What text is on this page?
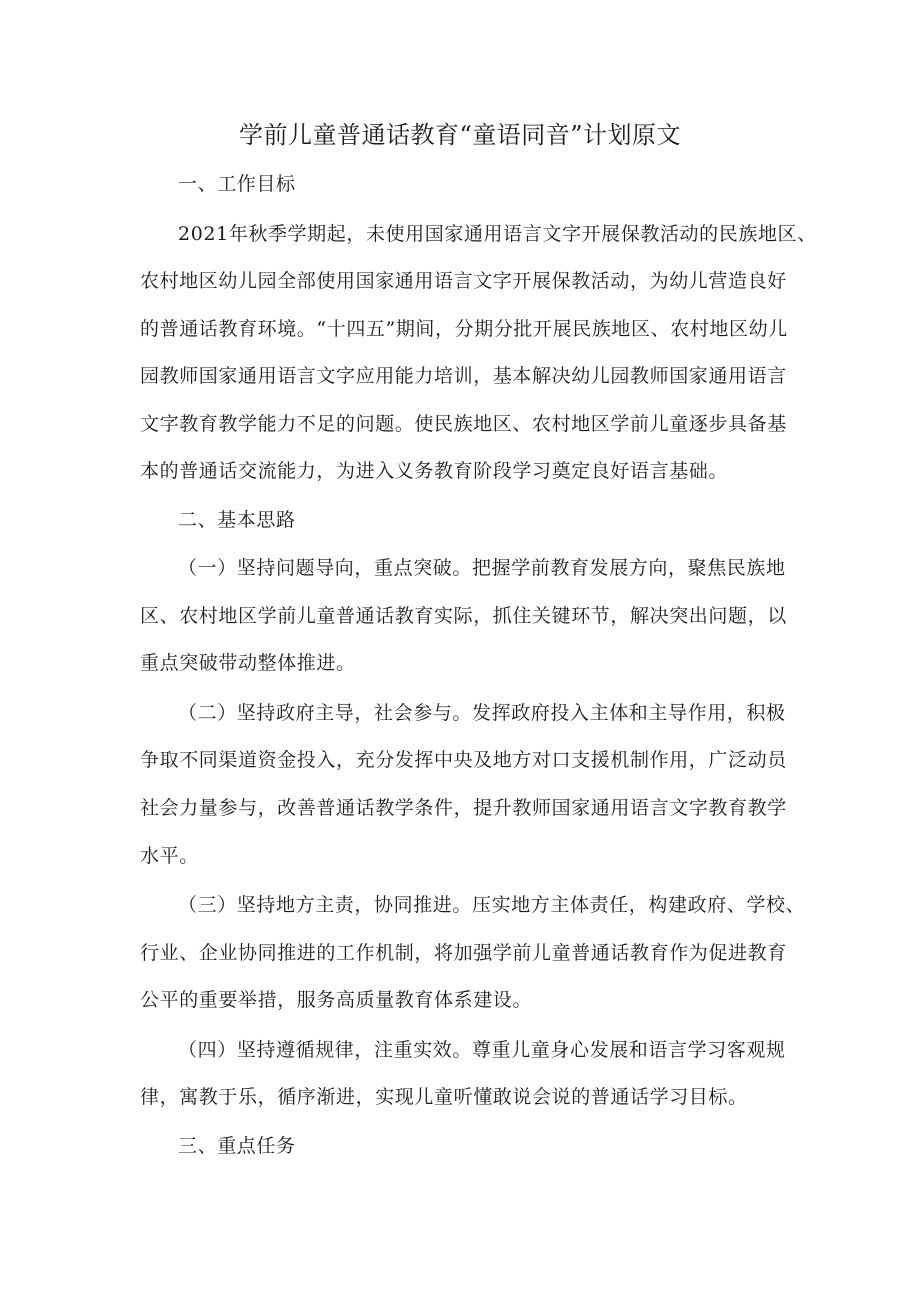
学前儿童普通话教育“童语同音”计划原文
一、工作目标
2021年秋季学期起，未使用国家通用语言文字开展保教活动的民族地区、
农村地区幼儿园全部使用国家通用语言文字开展保教活动，为幼儿营造良好
的普通话教育环境。“十四五”期间，分期分批开展民族地区、农村地区幼儿
园教师国家通用语言文字应用能力培训，基本解决幼儿园教师国家通用语言
文字教育教学能力不足的问题。使民族地区、农村地区学前儿童逐步具备基
本的普通话交流能力，为进入义务教育阶段学习奠定良好语言基础。
二、基本思路
（一）坚持问题导向，重点突破。把握学前教育发展方向，聚焦民族地
区、农村地区学前儿童普通话教育实际，抓住关键环节，解决突出问题，以
重点突破带动整体推进。
（二）坚持政府主导，社会参与。发挥政府投入主体和主导作用，积极
争取不同渠道资金投入，充分发挥中央及地方对口支援机制作用，广泛动员
社会力量参与，改善普通话教学条件，提升教师国家通用语言文字教育教学
水平。
（三）坚持地方主责，协同推进。压实地方主体责任，构建政府、学校、
行业、企业协同推进的工作机制，将加强学前儿童普通话教育作为促进教育
公平的重要举措，服务高质量教育体系建设。
（四）坚持遵循规律，注重实效。尊重儿童身心发展和语言学习客观规
律，寓教于乐，循序渐进，实现儿童听懂敢说会说的普通话学习目标。
三、重点任务
